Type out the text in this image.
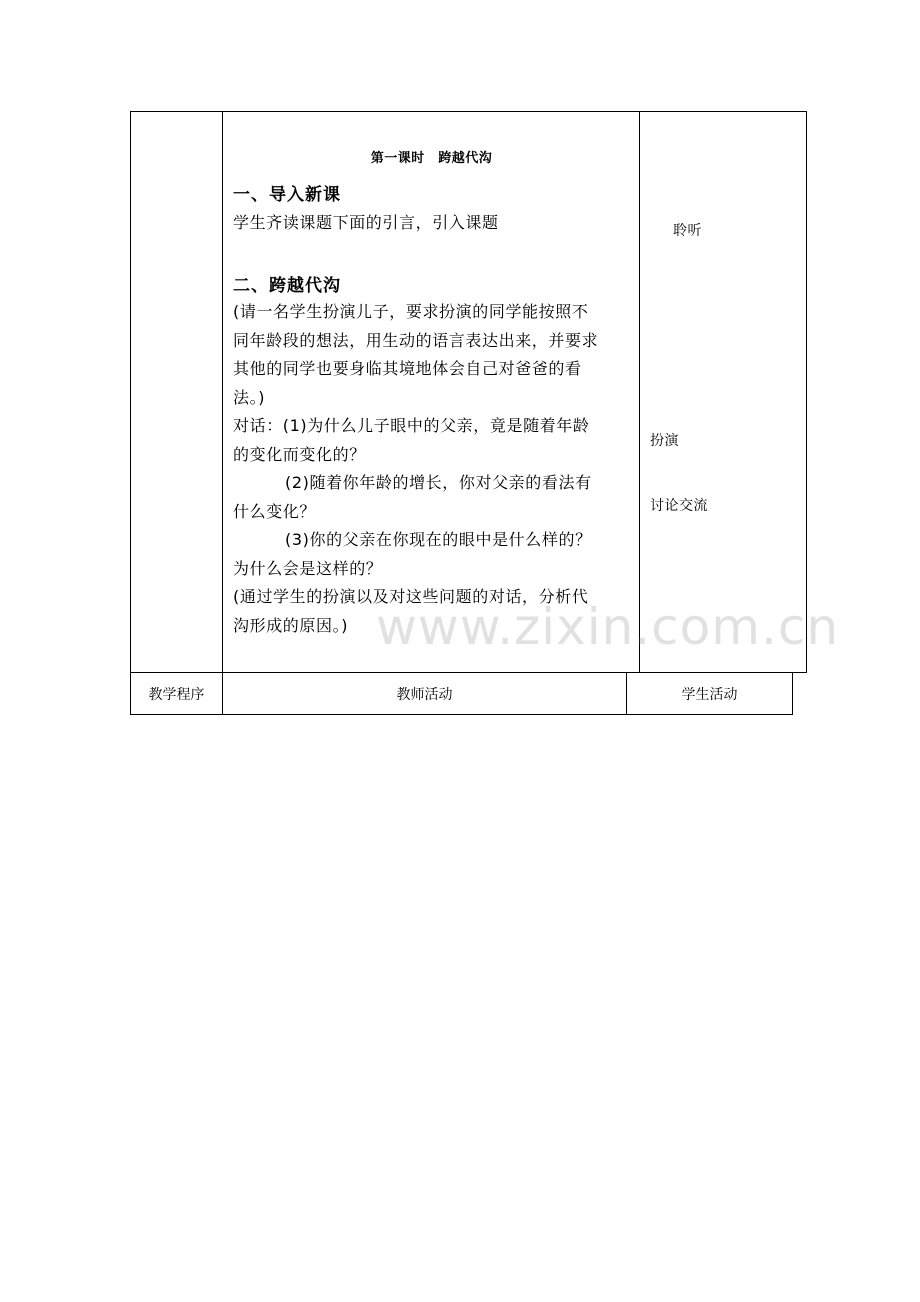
第一课时　跨越代沟
一、导入新课
学生齐读课题下面的引言，引入课题
二、跨越代沟
(请一名学生扮演儿子，要求扮演的同学能按照不
同年龄段的想法，用生动的语言表达出来，并要求
其他的同学也要身临其境地体会自己对爸爸的看
法。)
对话：(1)为什么儿子眼中的父亲，竟是随着年龄
的变化而变化的？
(2)随着你年龄的增长，你对父亲的看法有
什么变化？
(3)你的父亲在你现在的眼中是什么样的？
为什么会是这样的？
(通过学生的扮演以及对这些问题的对话，分析代
沟形成的原因。)
聆听
扮演
讨论交流
教学程序	教师活动	学生活动
www.zixin.com.cn
